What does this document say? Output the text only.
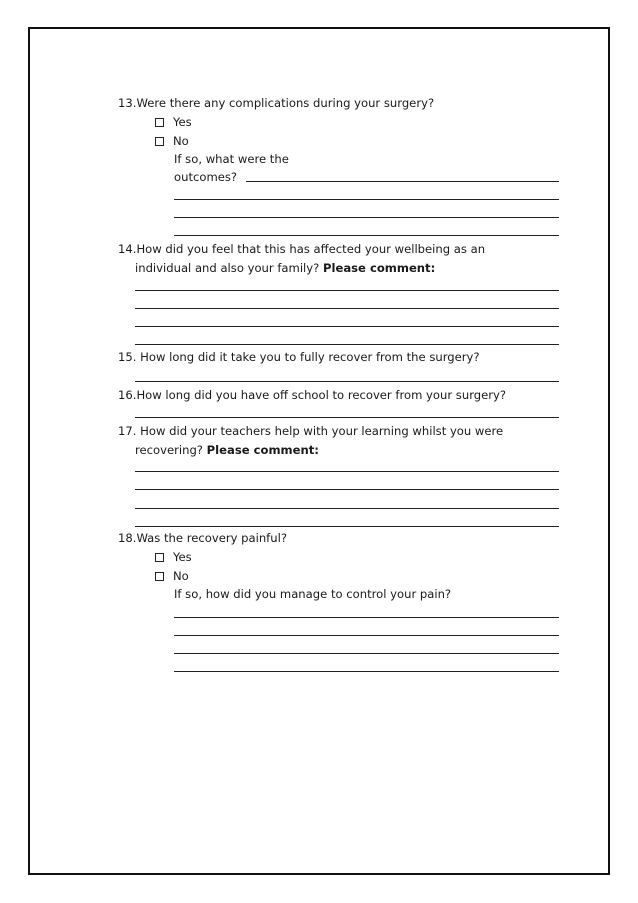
13.Were there any complications during your surgery?
Yes
No
If so, what were the
outcomes?
14.How did you feel that this has affected your wellbeing as an
individual and also your family? Please comment:
15. How long did it take you to fully recover from the surgery?
16.How long did you have off school to recover from your surgery?
17. How did your teachers help with your learning whilst you were
recovering? Please comment:
18.Was the recovery painful?
Yes
No
If so, how did you manage to control your pain?
